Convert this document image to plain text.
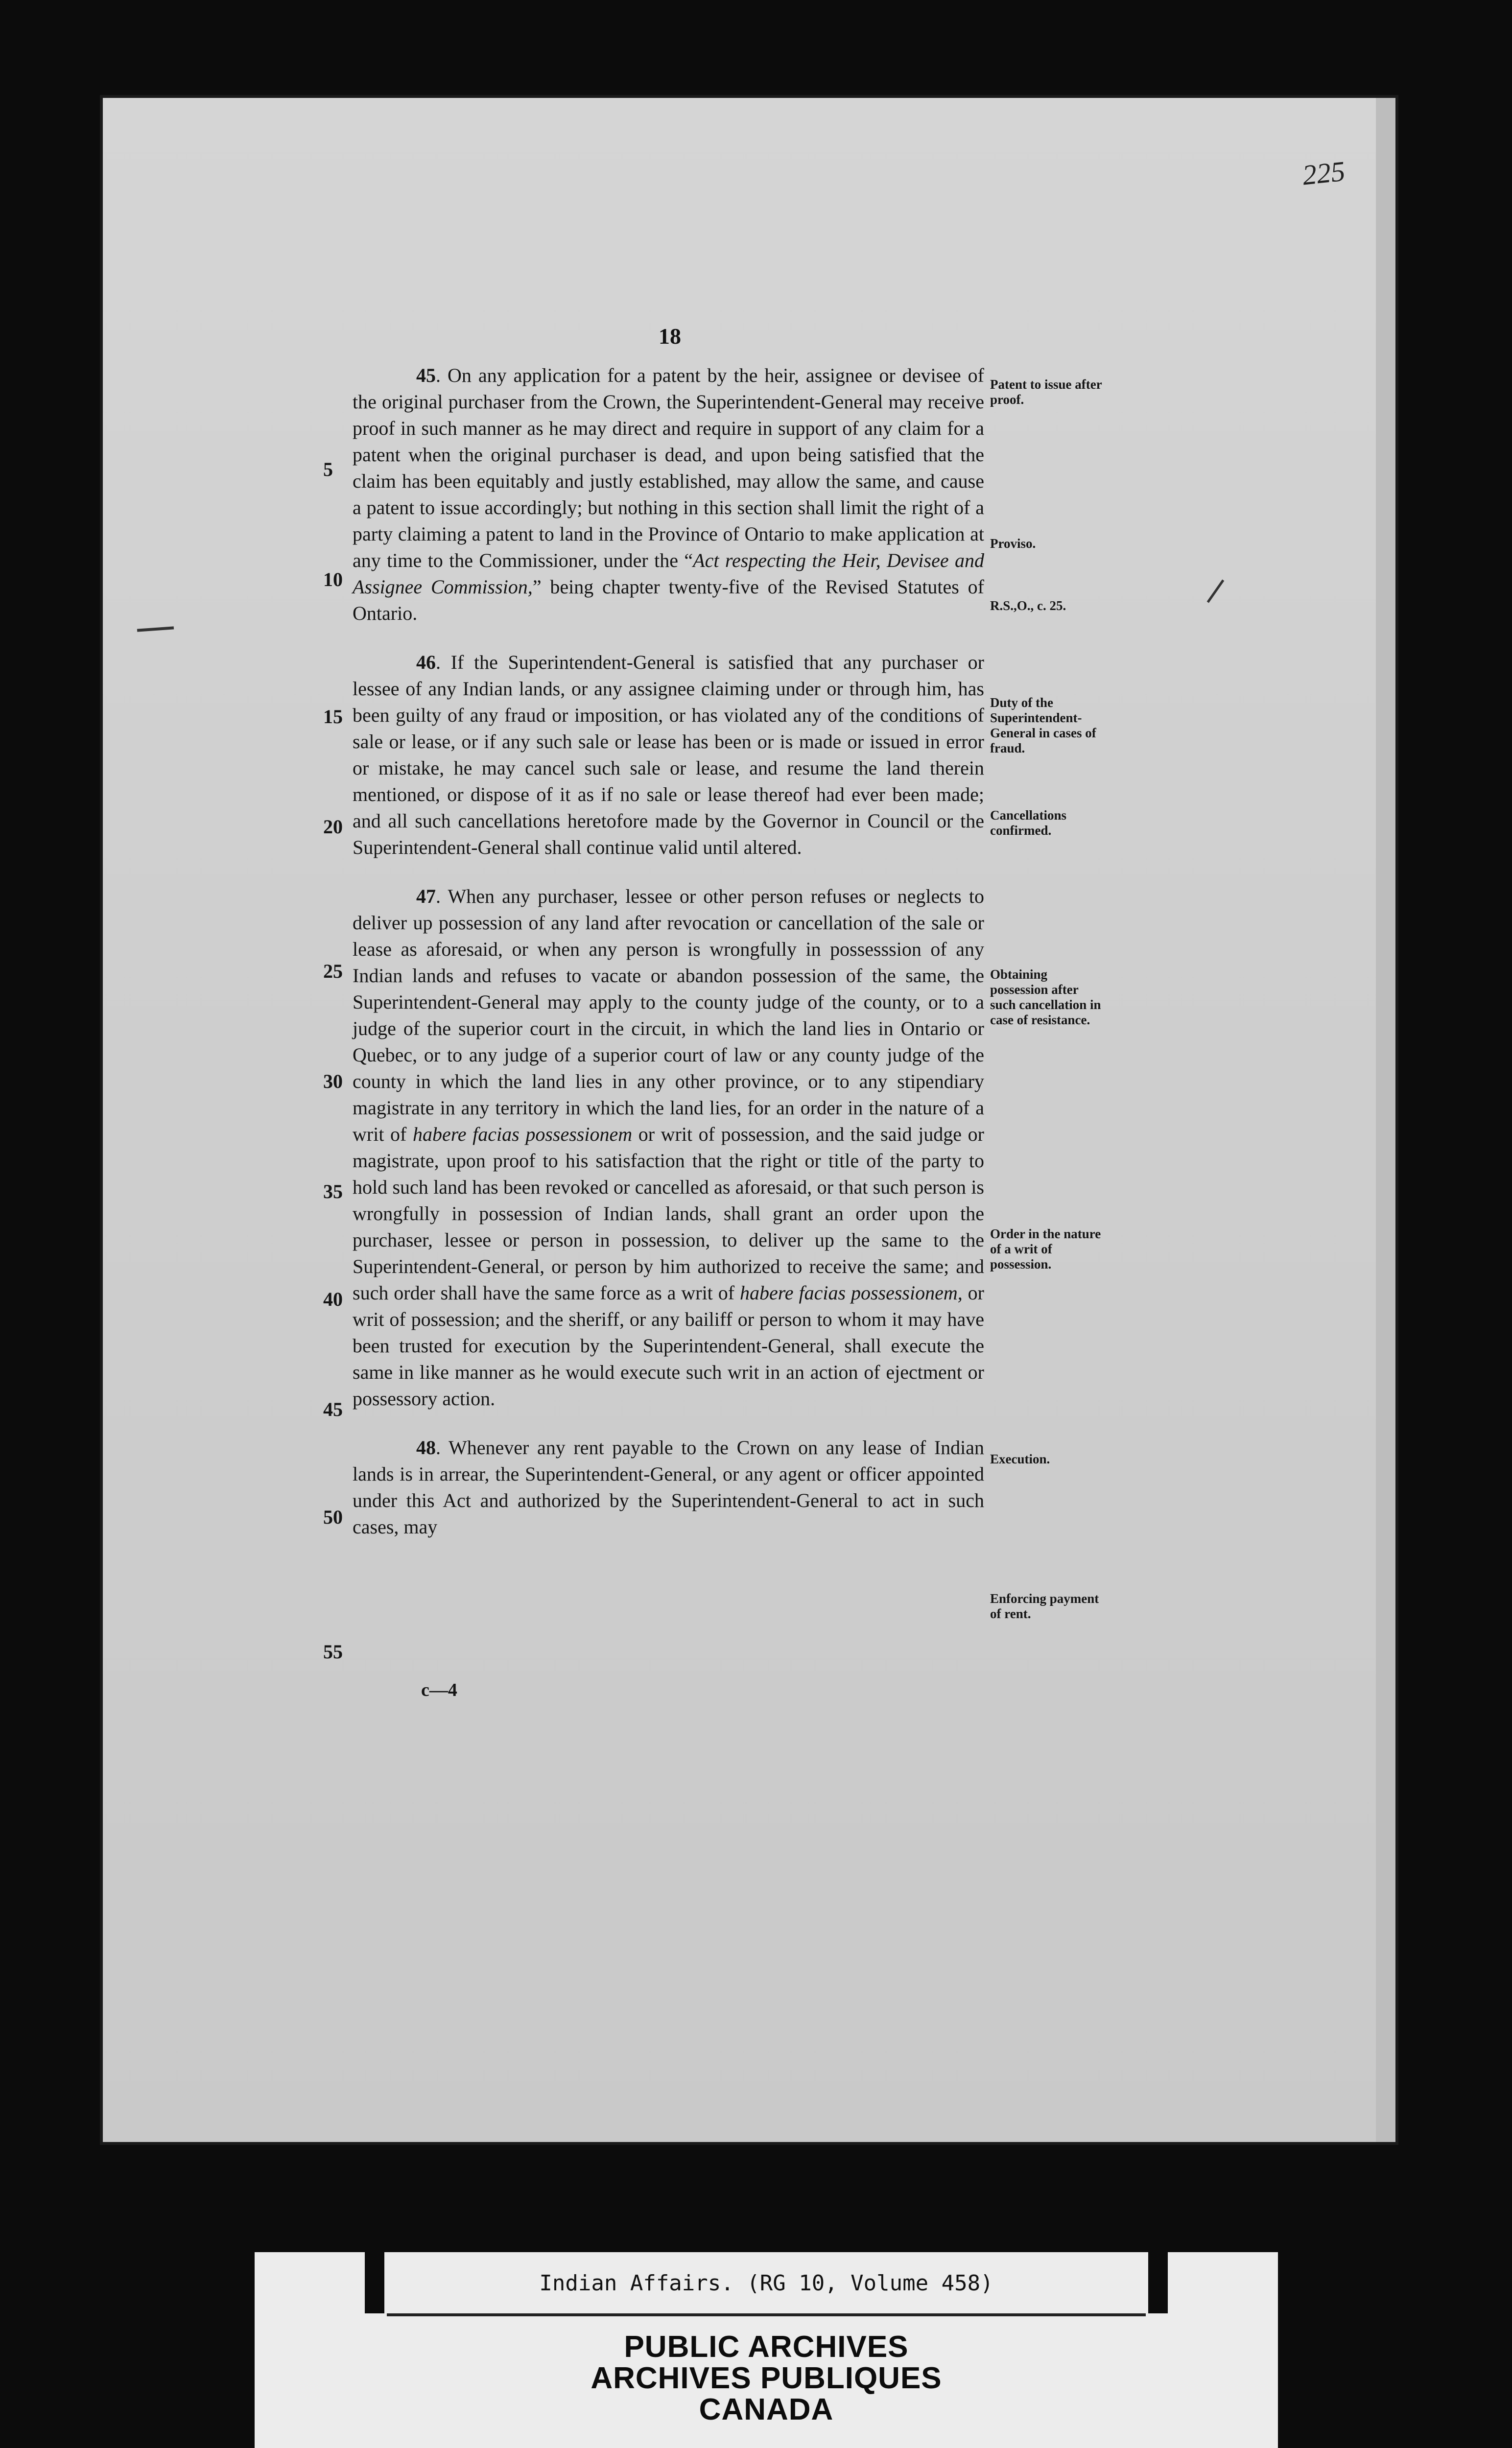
225
18

45. On any application for a patent by the heir, assignee or devisee of the original purchaser from the Crown, the Superintendent-General may receive proof in such manner as he may direct and require in support of any claim for a patent when the original purchaser is dead, and upon being satisfied that the claim has been equitably and justly established, may allow the same, and cause a patent to issue accordingly; but nothing in this section shall limit the right of a party claiming a patent to land in the Province of Ontario to make application at any time to the Commissioner, under the “Act respecting the Heir, Devisee and Assignee Commission,” being chapter twenty-five of the Revised Statutes of Ontario.

46. If the Superintendent-General is satisfied that any purchaser or lessee of any Indian lands, or any assignee claiming under or through him, has been guilty of any fraud or imposition, or has violated any of the conditions of sale or lease, or if any such sale or lease has been or is made or issued in error or mistake, he may cancel such sale or lease, and resume the land therein mentioned, or dispose of it as if no sale or lease thereof had ever been made; and all such cancellations heretofore made by the Governor in Council or the Superintendent-General shall continue valid until altered.

47. When any purchaser, lessee or other person refuses or neglects to deliver up possession of any land after revocation or cancellation of the sale or lease as aforesaid, or when any person is wrongfully in possesssion of any Indian lands and refuses to vacate or abandon possession of the same, the Superintendent-General may apply to the county judge of the county, or to a judge of the superior court in the circuit, in which the land lies in Ontario or Quebec, or to any judge of a superior court of law or any county judge of the county in which the land lies in any other province, or to any stipendiary magistrate in any territory in which the land lies, for an order in the nature of a writ of habere facias possessionem or writ of possession, and the said judge or magistrate, upon proof to his satisfaction that the right or title of the party to hold such land has been revoked or cancelled as aforesaid, or that such person is wrongfully in possession of Indian lands, shall grant an order upon the purchaser, lessee or person in possession, to deliver up the same to the Superintendent-General, or person by him authorized to receive the same; and such order shall have the same force as a writ of habere facias possessionem, or writ of possession; and the sheriff, or any bailiff or person to whom it may have been trusted for execution by the Superintendent-General, shall execute the same in like manner as he would execute such writ in an action of ejectment or possessory action.

48. Whenever any rent payable to the Crown on any lease of Indian lands is in arrear, the Superintendent-General, or any agent or officer appointed under this Act and authorized by the Superintendent-General to act in such cases, may

Patent to issue after proof.
Proviso.
R.S.,O., c. 25.
Duty of the Superintendent-General in cases of fraud.
Cancellations confirmed.
Obtaining possession after such cancellation in case of resistance.
Order in the nature of a writ of possession.
Execution.
Enforcing payment of rent.
5
10
15
20
25
30
35
40
45
50
55
c—4
Indian Affairs. (RG 10, Volume 458)
PUBLIC ARCHIVES
ARCHIVES PUBLIQUES
CANADA
